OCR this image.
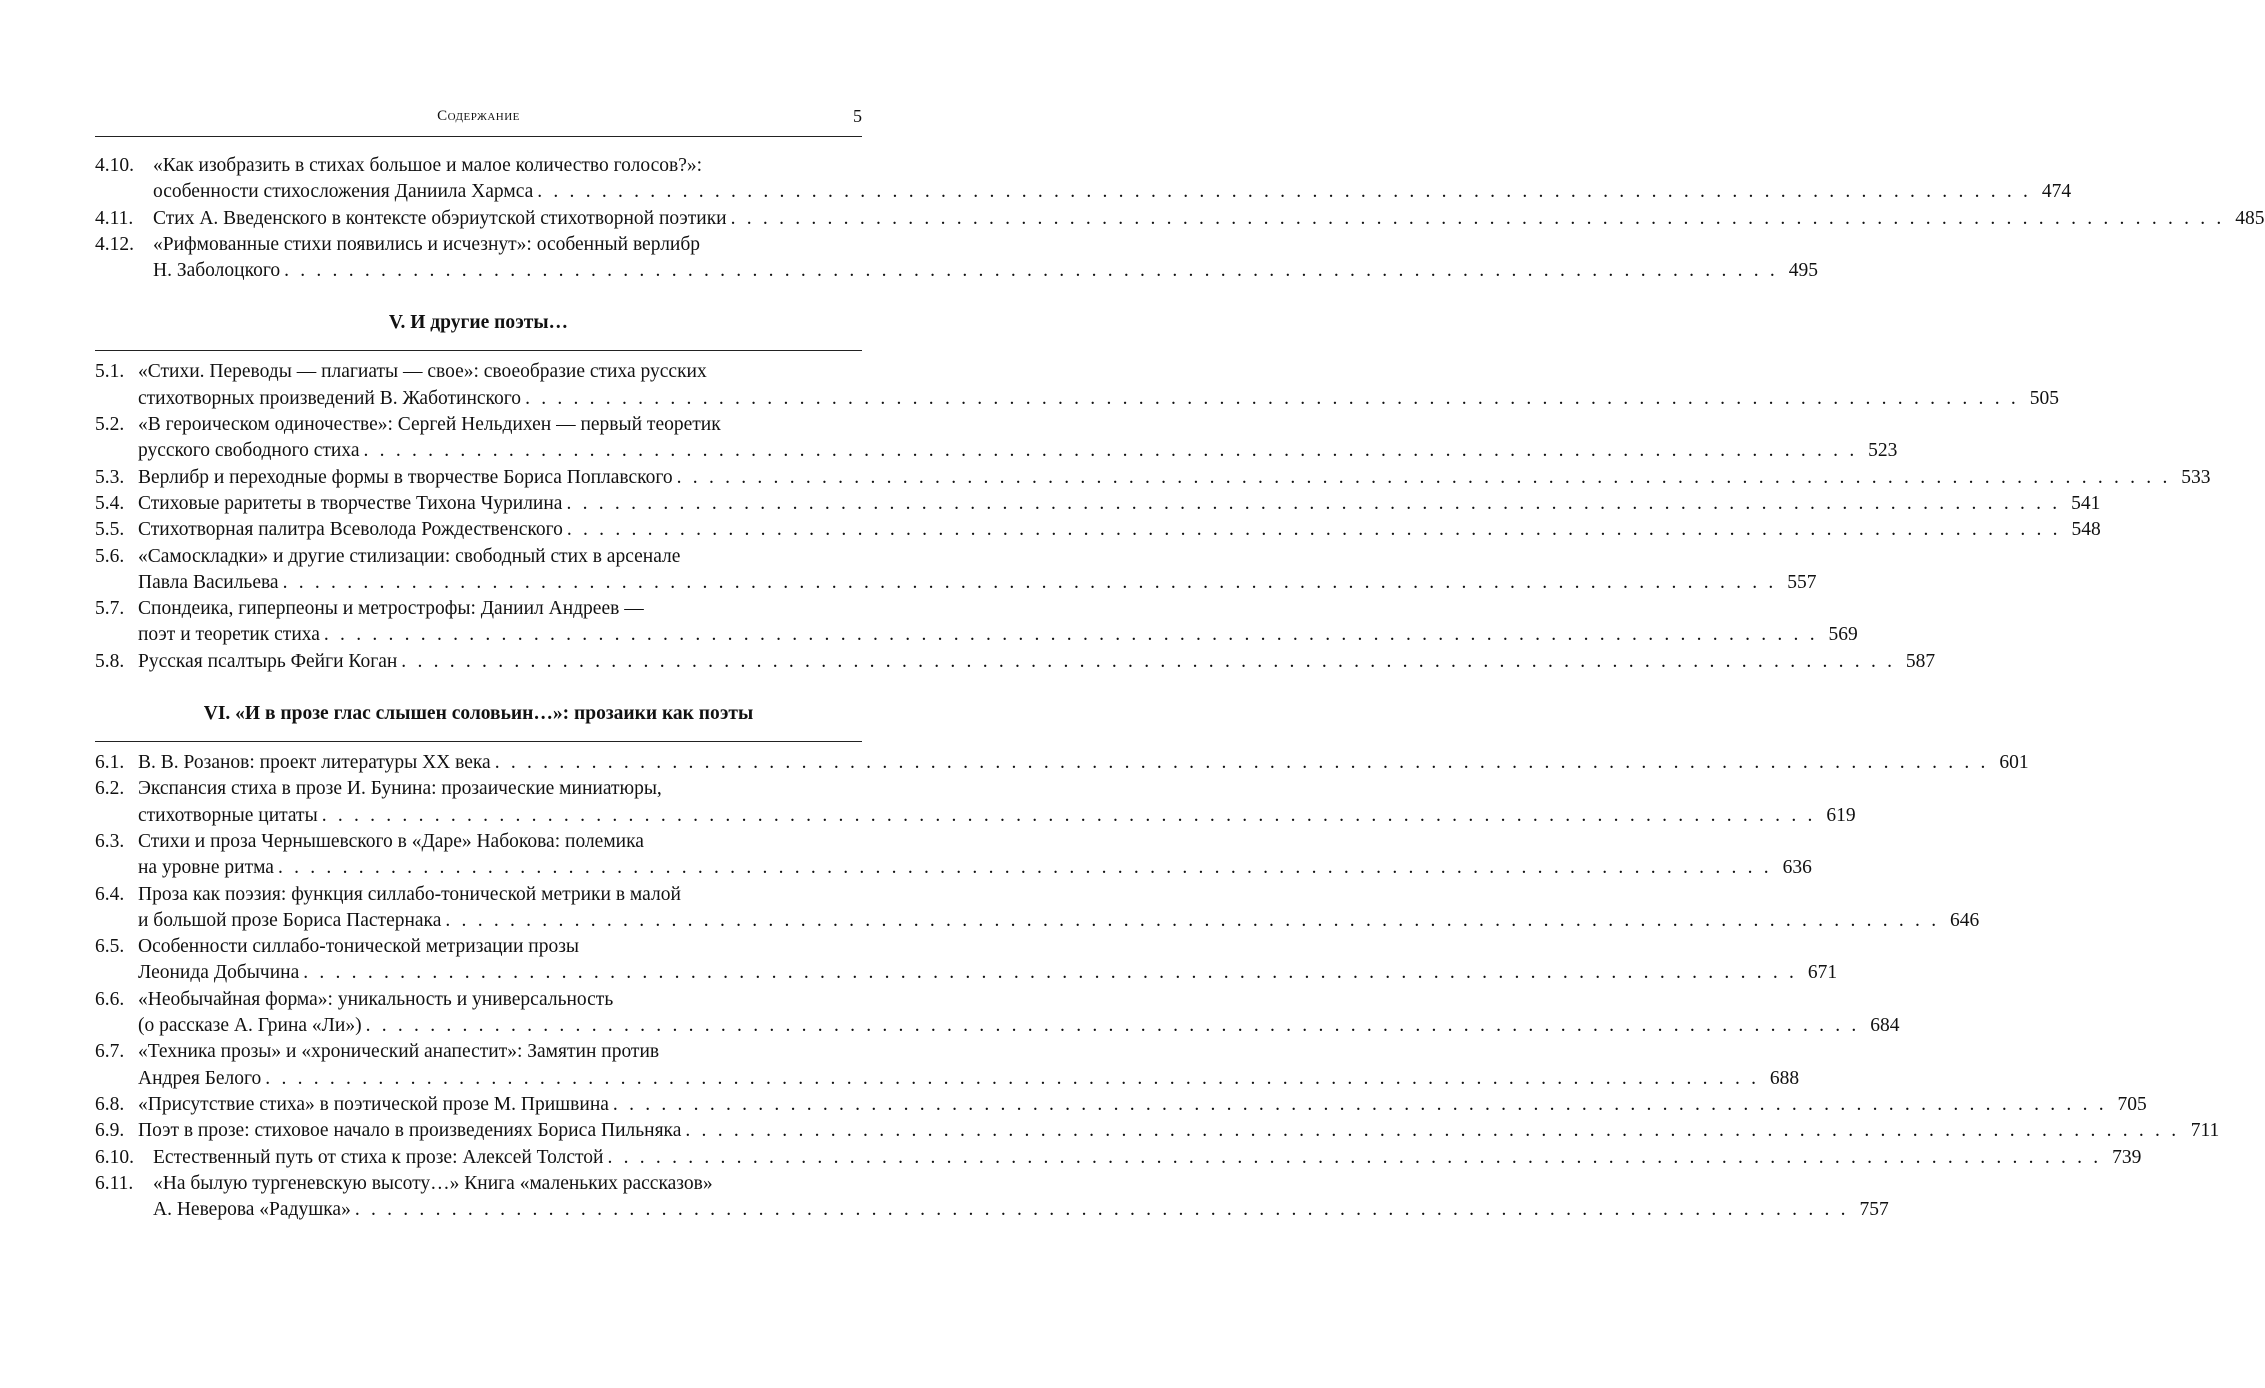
Содержание	5
4.10. «Как изобразить в стихах большое и малое количество голосов?»:
особенности стихосложения Даниила Хармса . . . . . . . . . . . . . . . . . . . . . . . . . . . . . . . . . . . . . . . . . . . . . . . . . . . . . . . . . . . . . . . . . . . . . . . . . . . . . . . . . . . . . . . . . . . . . 474
4.11. Стих А. Введенского в контексте обэриутской стихотворной поэтики . . . . . . . . . . . . . . . . . . . . . . . . . . . . . . . . . . . . . . . . . . . . . . . . . . . . . . . . . . . . . . . . . . . . . . . . . . . . . . . . . . . . . . . . . . . . . 485
4.12. «Рифмованные стихи появились и исчезнут»: особенный верлибр
Н. Заболоцкого . . . . . . . . . . . . . . . . . . . . . . . . . . . . . . . . . . . . . . . . . . . . . . . . . . . . . . . . . . . . . . . . . . . . . . . . . . . . . . . . . . . . . . . . . . . . . 495
V. И другие поэты…
5.1. «Стихи. Переводы — плагиаты — свое»: своеобразие стиха русских
стихотворных произведений В. Жаботинского . . . . . . . . . . . . . . . . . . . . . . . . . . . . . . . . . . . . . . . . . . . . . . . . . . . . . . . . . . . . . . . . . . . . . . . . . . . . . . . . . . . . . . . . . . . . . 505
5.2. «В героическом одиночестве»: Сергей Нельдихен — первый теоретик
русского свободного стиха . . . . . . . . . . . . . . . . . . . . . . . . . . . . . . . . . . . . . . . . . . . . . . . . . . . . . . . . . . . . . . . . . . . . . . . . . . . . . . . . . . . . . . . . . . . . . 523
5.3. Верлибр и переходные формы в творчестве Бориса Поплавского . . . . . . . . . . . . . . . . . . . . . . . . . . . . . . . . . . . . . . . . . . . . . . . . . . . . . . . . . . . . . . . . . . . . . . . . . . . . . . . . . . . . . . . . . . . . . 533
5.4. Стиховые раритеты в творчестве Тихона Чурилина . . . . . . . . . . . . . . . . . . . . . . . . . . . . . . . . . . . . . . . . . . . . . . . . . . . . . . . . . . . . . . . . . . . . . . . . . . . . . . . . . . . . . . . . . . . . . 541
5.5. Стихотворная палитра Всеволода Рождественского . . . . . . . . . . . . . . . . . . . . . . . . . . . . . . . . . . . . . . . . . . . . . . . . . . . . . . . . . . . . . . . . . . . . . . . . . . . . . . . . . . . . . . . . . . . . . 548
5.6. «Самоскладки» и другие стилизации: свободный стих в арсенале
Павла Васильева . . . . . . . . . . . . . . . . . . . . . . . . . . . . . . . . . . . . . . . . . . . . . . . . . . . . . . . . . . . . . . . . . . . . . . . . . . . . . . . . . . . . . . . . . . . . . 557
5.7. Спондеика, гиперпеоны и метрострофы: Даниил Андреев —
поэт и теоретик стиха . . . . . . . . . . . . . . . . . . . . . . . . . . . . . . . . . . . . . . . . . . . . . . . . . . . . . . . . . . . . . . . . . . . . . . . . . . . . . . . . . . . . . . . . . . . . . 569
5.8. Русская псалтырь Фейги Коган . . . . . . . . . . . . . . . . . . . . . . . . . . . . . . . . . . . . . . . . . . . . . . . . . . . . . . . . . . . . . . . . . . . . . . . . . . . . . . . . . . . . . . . . . . . . . 587
VI. «И в прозе глас слышен соловьин…»: прозаики как поэты
6.1. В. В. Розанов: проект литературы ХХ века . . . . . . . . . . . . . . . . . . . . . . . . . . . . . . . . . . . . . . . . . . . . . . . . . . . . . . . . . . . . . . . . . . . . . . . . . . . . . . . . . . . . . . . . . . . . . 601
6.2. Экспансия стиха в прозе И. Бунина: прозаические миниатюры,
стихотворные цитаты . . . . . . . . . . . . . . . . . . . . . . . . . . . . . . . . . . . . . . . . . . . . . . . . . . . . . . . . . . . . . . . . . . . . . . . . . . . . . . . . . . . . . . . . . . . . . 619
6.3. Стихи и проза Чернышевского в «Даре» Набокова: полемика
на уровне ритма . . . . . . . . . . . . . . . . . . . . . . . . . . . . . . . . . . . . . . . . . . . . . . . . . . . . . . . . . . . . . . . . . . . . . . . . . . . . . . . . . . . . . . . . . . . . . 636
6.4. Проза как поэзия: функция силлабо-тонической метрики в малой
и большой прозе Бориса Пастернака . . . . . . . . . . . . . . . . . . . . . . . . . . . . . . . . . . . . . . . . . . . . . . . . . . . . . . . . . . . . . . . . . . . . . . . . . . . . . . . . . . . . . . . . . . . . . 646
6.5. Особенности силлабо-тонической метризации прозы
Леонида Добычина . . . . . . . . . . . . . . . . . . . . . . . . . . . . . . . . . . . . . . . . . . . . . . . . . . . . . . . . . . . . . . . . . . . . . . . . . . . . . . . . . . . . . . . . . . . . . 671
6.6. «Необычайная форма»: уникальность и универсальность
(о рассказе А. Грина «Ли») . . . . . . . . . . . . . . . . . . . . . . . . . . . . . . . . . . . . . . . . . . . . . . . . . . . . . . . . . . . . . . . . . . . . . . . . . . . . . . . . . . . . . . . . . . . . . 684
6.7. «Техника прозы» и «хронический анапестит»: Замятин против
Андрея Белого . . . . . . . . . . . . . . . . . . . . . . . . . . . . . . . . . . . . . . . . . . . . . . . . . . . . . . . . . . . . . . . . . . . . . . . . . . . . . . . . . . . . . . . . . . . . . 688
6.8. «Присутствие стиха» в поэтической прозе М. Пришвина . . . . . . . . . . . . . . . . . . . . . . . . . . . . . . . . . . . . . . . . . . . . . . . . . . . . . . . . . . . . . . . . . . . . . . . . . . . . . . . . . . . . . . . . . . . . . 705
6.9. Поэт в прозе: стиховое начало в произведениях Бориса Пильняка . . . . . . . . . . . . . . . . . . . . . . . . . . . . . . . . . . . . . . . . . . . . . . . . . . . . . . . . . . . . . . . . . . . . . . . . . . . . . . . . . . . . . . . . . . . . . 711
6.10. Естественный путь от стиха к прозе: Алексей Толстой . . . . . . . . . . . . . . . . . . . . . . . . . . . . . . . . . . . . . . . . . . . . . . . . . . . . . . . . . . . . . . . . . . . . . . . . . . . . . . . . . . . . . . . . . . . . . 739
6.11.	«На былую тургеневскую высоту…» Книга «маленьких рассказов»
А. Неверова «Радушка» . . . . . . . . . . . . . . . . . . . . . . . . . . . . . . . . . . . . . . . . . . . . . . . . . . . . . . . . . . . . . . . . . . . . . . . . . . . . . . . . . . . . . . . . . . . . . 757
